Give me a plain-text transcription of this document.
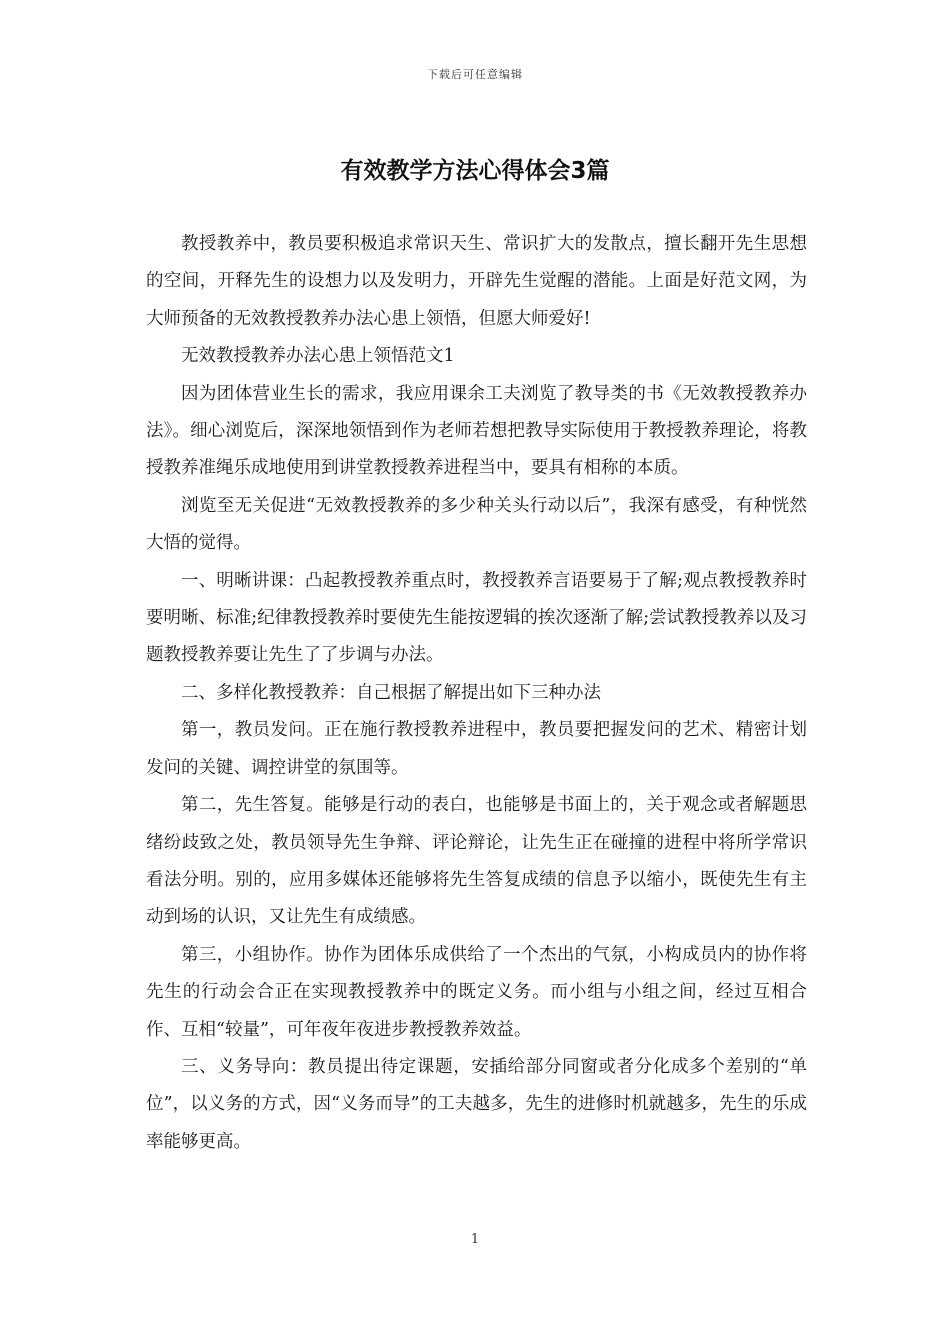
下载后可任意编辑
有效教学方法心得体会3篇

教授教养中，教员要积极追求常识天生、常识扩大的发散点，擅长翻开先生思想的空间，开释先生的设想力以及发明力，开辟先生觉醒的潜能。上面是好范文网，为大师预备的无效教授教养办法心患上领悟，但愿大师爱好!

无效教授教养办法心患上领悟范文1

因为团体营业生长的需求，我应用课余工夫浏览了教导类的书《无效教授教养办法》。细心浏览后，深深地领悟到作为老师若想把教导实际使用于教授教养理论，将教授教养准绳乐成地使用到讲堂教授教养进程当中，要具有相称的本质。

浏览至无关促进“无效教授教养的多少种关头行动以后”，我深有感受，有种恍然大悟的觉得。

一、明晰讲课：凸起教授教养重点时，教授教养言语要易于了解;观点教授教养时要明晰、标准;纪律教授教养时要使先生能按逻辑的挨次逐渐了解;尝试教授教养以及习题教授教养要让先生了了步调与办法。

二、多样化教授教养：自己根据了解提出如下三种办法

第一，教员发问。正在施行教授教养进程中，教员要把握发问的艺术、精密计划发问的关键、调控讲堂的氛围等。

第二，先生答复。能够是行动的表白，也能够是书面上的，关于观念或者解题思绪纷歧致之处，教员领导先生争辩、评论辩论，让先生正在碰撞的进程中将所学常识看法分明。别的，应用多媒体还能够将先生答复成绩的信息予以缩小，既使先生有主动到场的认识，又让先生有成绩感。

第三，小组协作。协作为团体乐成供给了一个杰出的气氛，小构成员内的协作将先生的行动会合正在实现教授教养中的既定义务。而小组与小组之间，经过互相合作、互相“较量”，可年夜年夜进步教授教养效益。

三、义务导向：教员提出待定课题，安插给部分同窗或者分化成多个差别的“单位”，以义务的方式，因“义务而导”的工夫越多，先生的进修时机就越多，先生的乐成率能够更高。

1
